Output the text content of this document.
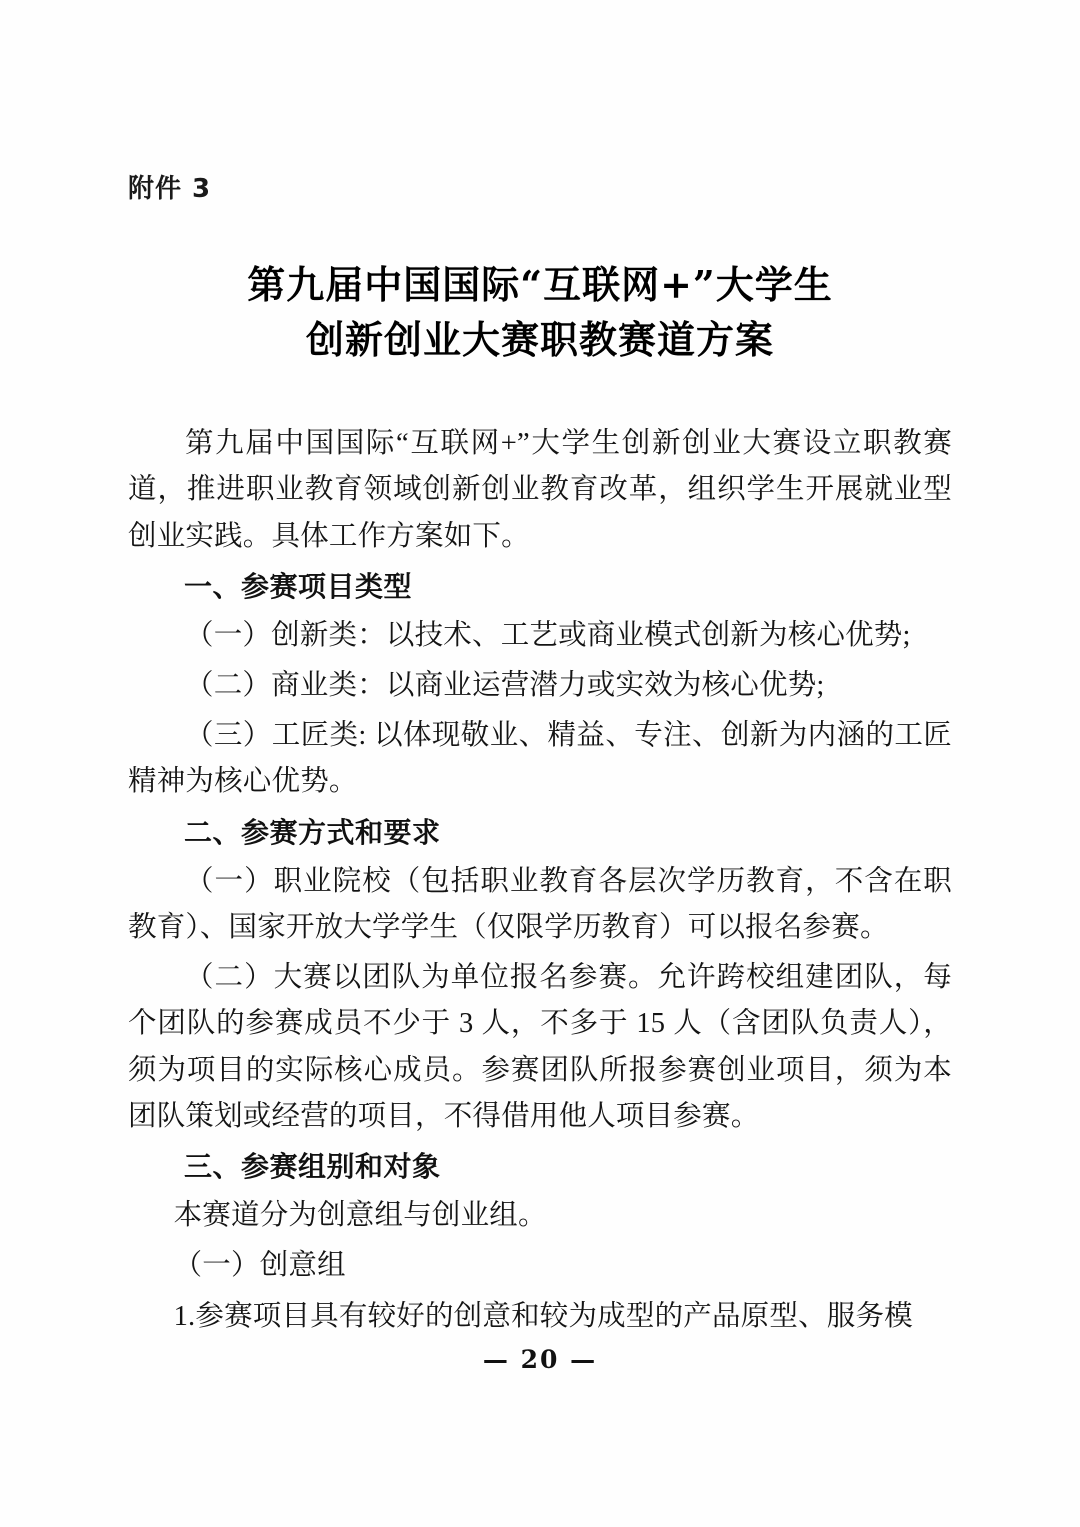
附件 3
第九届中国国际“互联网+”大学生
创新创业大赛职教赛道方案

第九届中国国际“互联网+”大学生创新创业大赛设立职教赛道，推进职业教育领域创新创业教育改革，组织学生开展就业型创业实践。具体工作方案如下。

一、参赛项目类型

（一）创新类：以技术、工艺或商业模式创新为核心优势;

（二）商业类：以商业运营潜力或实效为核心优势;

（三）工匠类: 以体现敬业、精益、专注、创新为内涵的工匠精神为核心优势。

二、参赛方式和要求

（一）职业院校（包括职业教育各层次学历教育，不含在职教育）、国家开放大学学生（仅限学历教育）可以报名参赛。

（二）大赛以团队为单位报名参赛。允许跨校组建团队，每个团队的参赛成员不少于 3 人，不多于 15 人（含团队负责人），须为项目的实际核心成员。参赛团队所报参赛创业项目，须为本团队策划或经营的项目，不得借用他人项目参赛。

三、参赛组别和对象

本赛道分为创意组与创业组。

（一）创意组

1.参赛项目具有较好的创意和较为成型的产品原型、服务模

— 20 —
